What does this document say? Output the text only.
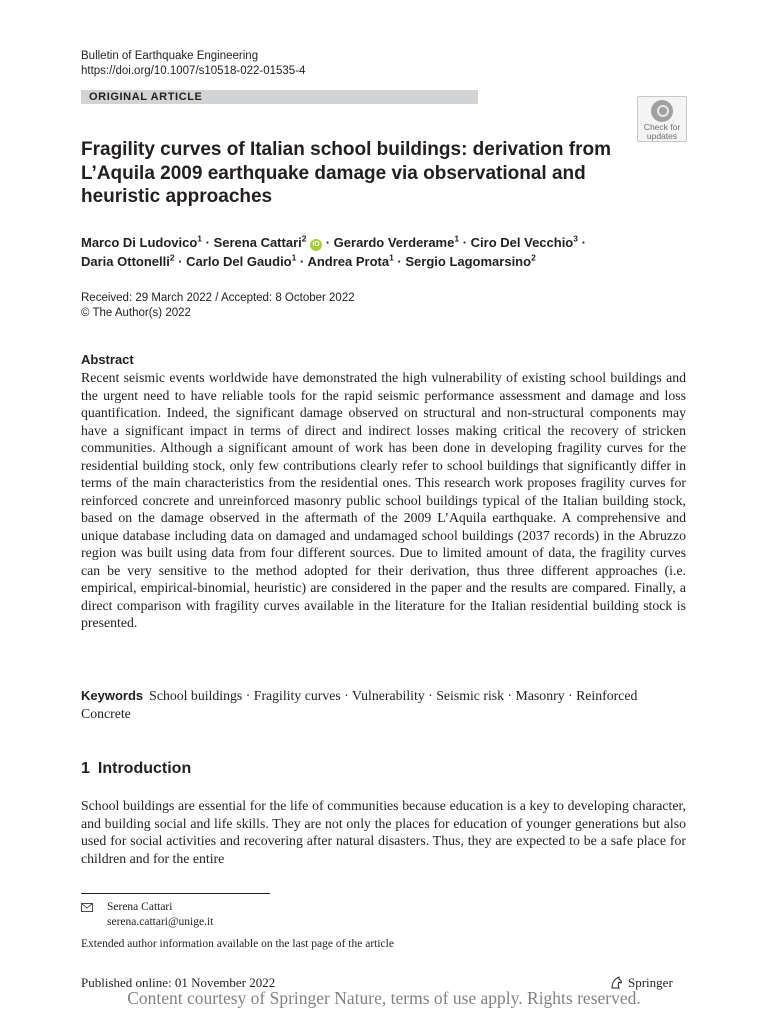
Bulletin of Earthquake Engineering
https://doi.org/10.1007/s10518-022-01535-4
ORIGINAL ARTICLE
Check for
updates
Fragility curves of Italian school buildings: derivation from L’Aquila 2009 earthquake damage via observational and heuristic approaches
Marco Di Ludovico$^1$ · Serena Cattari$^2$ iD · Gerardo Verderame$^1$ · Ciro Del Vecchio$^3$ ·
Daria Ottonelli$^2$ · Carlo Del Gaudio$^1$ · Andrea Prota$^1$ · Sergio Lagomarsino$^2$
Received: 29 March 2022 / Accepted: 8 October 2022
© The Author(s) 2022
Abstract
Recent seismic events worldwide have demonstrated the high vulnerability of existing school buildings and the urgent need to have reliable tools for the rapid seismic performance assessment and damage and loss quantification. Indeed, the significant damage observed on structural and non-structural components may have a significant impact in terms of direct and indirect losses making critical the recovery of stricken communities. Although a significant amount of work has been done in developing fragility curves for the residential building stock, only few contributions clearly refer to school buildings that significantly differ in terms of the main characteristics from the residential ones. This research work proposes fragility curves for reinforced concrete and unreinforced masonry public school buildings typical of the Italian building stock, based on the damage observed in the aftermath of the 2009 L’Aquila earthquake. A comprehensive and unique database including data on damaged and undamaged school buildings (2037 records) in the Abruzzo region was built using data from four different sources. Due to limited amount of data, the fragility curves can be very sensitive to the method adopted for their derivation, thus three different approaches (i.e. empirical, empirical-binomial, heuristic) are considered in the paper and the results are compared. Finally, a direct comparison with fragility curves available in the literature for the Italian residential building stock is presented.
Keywords School buildings · Fragility curves · Vulnerability · Seismic risk · Masonry · Reinforced Concrete
1 Introduction
School buildings are essential for the life of communities because education is a key to developing character, and building social and life skills. They are not only the places for education of younger generations but also used for social activities and recovering after natural disasters. Thus, they are expected to be a safe place for children and for the entire
Serena Cattari
serena.cattari@unige.it
Extended author information available on the last page of the article
Published online: 01 November 2022	Springer
Content courtesy of Springer Nature, terms of use apply. Rights reserved.
